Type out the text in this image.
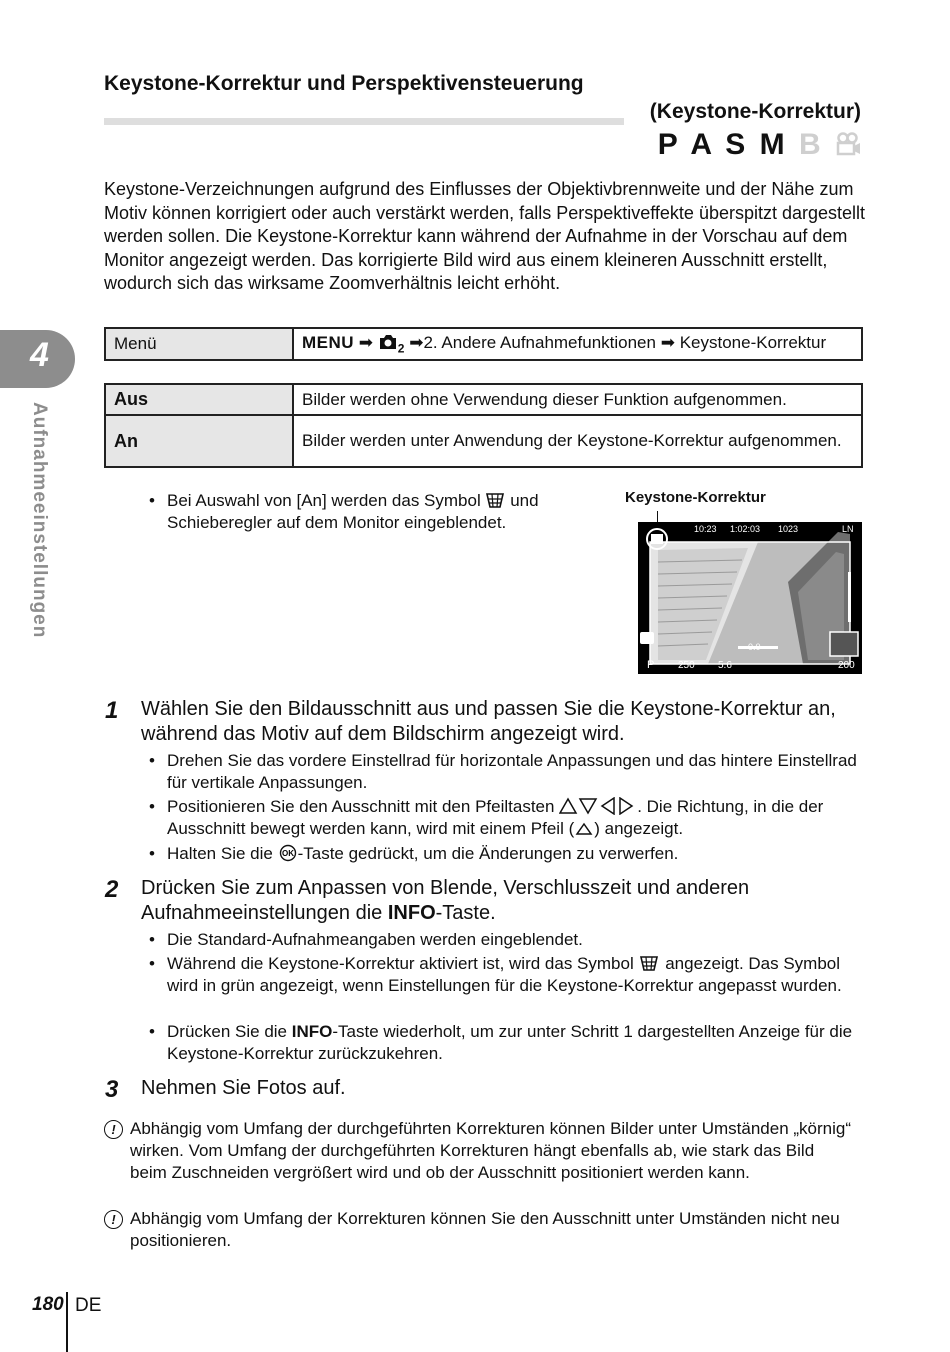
4
Aufnahmeeinstellungen
Keystone-Korrektur und Perspektivensteuerung
(Keystone-Korrektur)
P A S M B
Keystone-Verzeichnungen aufgrund des Einflusses der Objektivbrennweite und der Nähe zum Motiv können korrigiert oder auch verstärkt werden, falls Perspektiveffekte überspitzt dargestellt werden sollen. Die Keystone-Korrektur kann während der Aufnahme in der Vorschau auf dem Monitor angezeigt werden. Das korrigierte Bild wird aus einem kleineren Ausschnitt erstellt, wodurch sich das wirksame Zoomverhältnis leicht erhöht.
Menü	MENU ➡ $_2$ ➡2. Andere Aufnahmefunktionen ➡ Keystone-Korrektur
Aus	Bilder werden ohne Verwendung dieser Funktion aufgenommen.
An	Bilder werden unter Anwendung der Keystone-Korrektur aufgenommen.
• Bei Auswahl von [An] werden das Symbol und Schieberegler auf dem Monitor eingeblendet.
Keystone-Korrektur
10:23 1:02:03 1023	LN
0.0
P 250 5.6	200
1 Wählen Sie den Bildausschnitt aus und passen Sie die Keystone-Korrektur an, während das Motiv auf dem Bildschirm angezeigt wird.
• Drehen Sie das vordere Einstellrad für horizontale Anpassungen und das hintere Einstellrad für vertikale Anpassungen.
• Positionieren Sie den Ausschnitt mit den Pfeiltasten	. Die Richtung, in die der Ausschnitt bewegt werden kann, wird mit einem Pfeil ( ) angezeigt.
• Halten Sie die OK -Taste gedrückt, um die Änderungen zu verwerfen.
2 Drücken Sie zum Anpassen von Blende, Verschlusszeit und anderen Aufnahmeeinstellungen die INFO-Taste.
• Die Standard-Aufnahmeangaben werden eingeblendet.
• Während die Keystone-Korrektur aktiviert ist, wird das Symbol angezeigt. Das Symbol wird in grün angezeigt, wenn Einstellungen für die Keystone-Korrektur angepasst wurden.
• Drücken Sie die INFO-Taste wiederholt, um zur unter Schritt 1 dargestellten Anzeige für die Keystone-Korrektur zurückzukehren.
3 Nehmen Sie Fotos auf.
! Abhängig vom Umfang der durchgeführten Korrekturen können Bilder unter Umständen „körnig“ wirken. Vom Umfang der durchgeführten Korrekturen hängt ebenfalls ab, wie stark das Bild beim Zuschneiden vergrößert wird und ob der Ausschnitt positioniert werden kann.
! Abhängig vom Umfang der Korrekturen können Sie den Ausschnitt unter Umständen nicht neu positionieren.
180 DE
